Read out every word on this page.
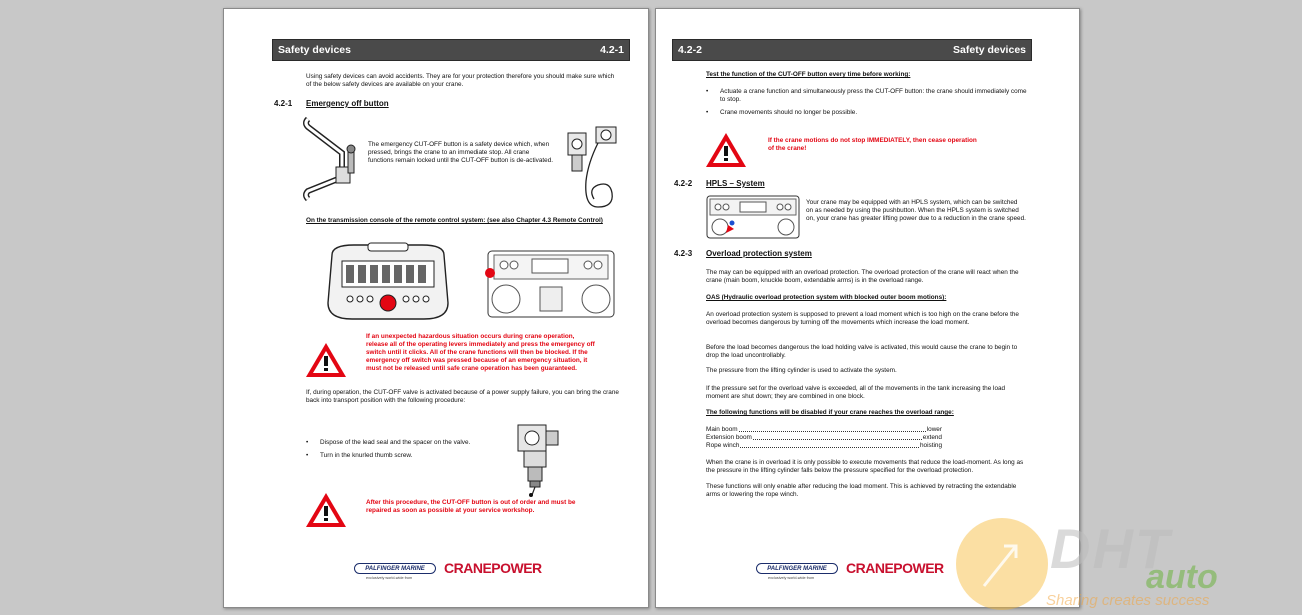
Safety devices	4.2-1
Using safety devices can avoid accidents. They are for your protection therefore you should make sure which of the below safety devices are available on your crane.
4.2-1 Emergency off button
The emergency CUT-OFF button is a safety device which, when pressed, brings the crane to an immediate stop. All crane functions remain locked until the CUT-OFF button is de-activated.
On the transmission console of the remote control system: (see also Chapter 4.3 Remote Control)
If an unexpected hazardous situation occurs during crane operation, release all of the operating levers immediately and press the emergency off switch until it clicks. All of the crane functions will then be blocked. If the emergency off switch was pressed because of an emergency situation, it must not be released until safe crane operation has been guaranteed.
If, during operation, the CUT-OFF valve is activated because of a power supply failure, you can bring the crane back into transport position with the following procedure:
• Dispose of the lead seal and the spacer on the valve.
• Turn in the knurled thumb screw.
After this procedure, the CUT-OFF button is out of order and must be repaired as soon as possible at your service workshop.
PALFINGER MARINE
exclusively world-wide from
CRANEPOWER
4.2-2	Safety devices
Test the function of the CUT-OFF button every time before working:
• Actuate a crane function and simultaneously press the CUT-OFF button: the crane should immediately come to stop.
• Crane movements should no longer be possible.
If the crane motions do not stop IMMEDIATELY, then cease operation of the crane!
4.2-2 HPLS – System
Your crane may be equipped with an HPLS system, which can be switched on as needed by using the pushbutton. When the HPLS system is switched on, your crane has greater lifting power due to a reduction in the crane speed.
4.2-3 Overload protection system
The may can be equipped with an overload protection. The overload protection of the crane will react when the crane (main boom, knuckle boom, extendable arms) is in the overload range.
OAS (Hydraulic overload protection system with blocked outer boom motions):
An overload protection system is supposed to prevent a load moment which is too high on the crane before the overload becomes dangerous by turning off the movements which increase the load moment.
Before the load becomes dangerous the load holding valve is activated, this would cause the crane to begin to drop the load uncontrollably.
The pressure from the lifting cylinder is used to activate the system.
If the pressure set for the overload valve is exceeded, all of the movements in the tank increasing the load moment are shut down; they are combined in one block.
The following functions will be disabled if your crane reaches the overload range:
Main boom	lower
Extension boom	extend
Rope winch	hoisting
When the crane is in overload it is only possible to execute movements that reduce the load-moment. As long as the pressure in the lifting cylinder falls below the pressure specified for the overload protection.
These functions will only enable after reducing the load moment. This is achieved by retracting the extendable arms or lowering the rope winch.
PALFINGER MARINE
exclusively world-wide from
CRANEPOWER DHT
auto
Sharing creates success
